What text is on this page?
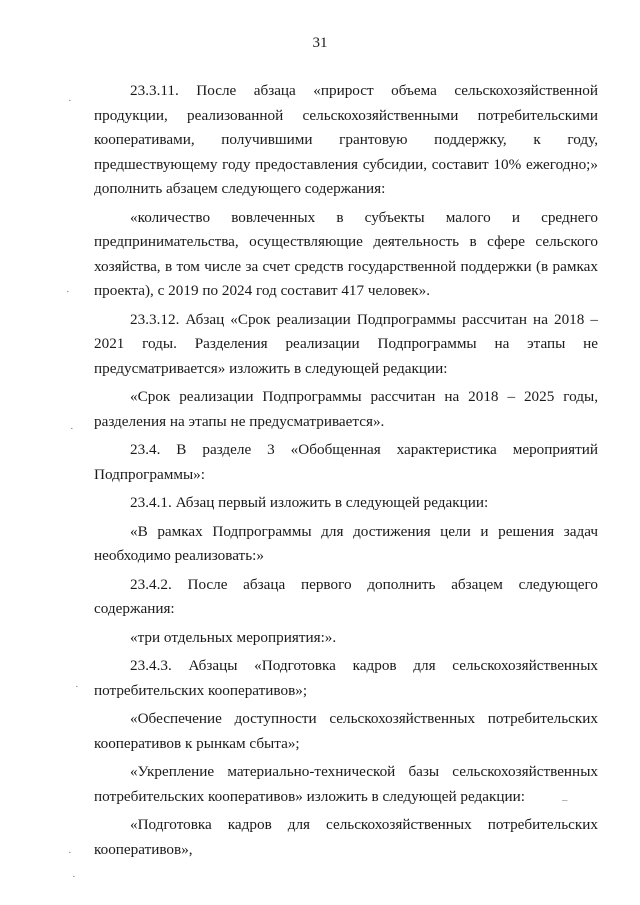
31

23.3.11. После абзаца «прирост объема сельскохозяйственной продукции, реализованной сельскохозяйственными потребительскими кооперативами, получившими грантовую поддержку, к году, предшествующему году предоставления субсидии, составит 10% ежегодно;» дополнить абзацем следующего содержания:

«количество вовлеченных в субъекты малого и среднего предпринимательства, осуществляющие деятельность в сфере сельского хозяйства, в том числе за счет средств государственной поддержки (в рамках проекта), с 2019 по 2024 год составит 417 человек».

23.3.12. Абзац «Срок реализации Подпрограммы рассчитан на 2018 – 2021 годы. Разделения реализации Подпрограммы на этапы не предусматривается» изложить в следующей редакции:

«Срок реализации Подпрограммы рассчитан на 2018 – 2025 годы, разделения на этапы не предусматривается».

23.4. В разделе 3 «Обобщенная характеристика мероприятий Подпрограммы»:

23.4.1. Абзац первый изложить в следующей редакции:

«В рамках Подпрограммы для достижения цели и решения задач необходимо реализовать:»

23.4.2. После абзаца первого дополнить абзацем следующего содержания:

«три отдельных мероприятия:».

23.4.3. Абзацы «Подготовка кадров для сельскохозяйственных потребительских кооперативов»;

«Обеспечение доступности сельскохозяйственных потребительских кооперативов к рынкам сбыта»;

«Укрепление материально-технической базы сельскохозяйственных потребительских кооперативов» изложить в следующей редакции:

«Подготовка кадров для сельскохозяйственных потребительских кооперативов»,

·
·
·
·
–
·
·
